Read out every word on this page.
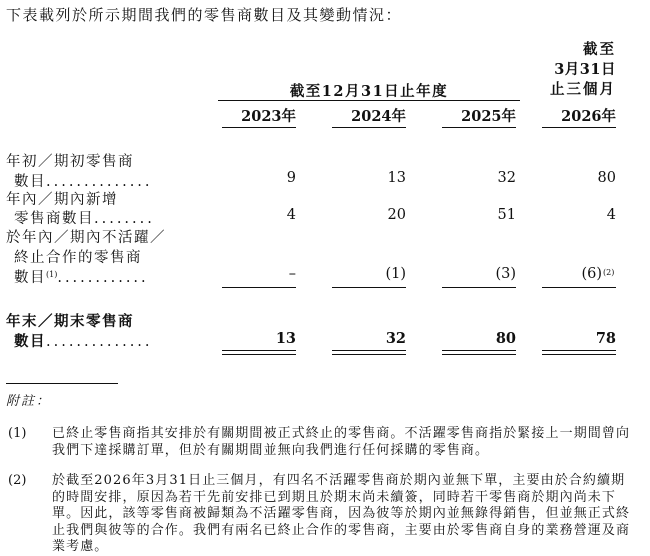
下表載列於所示期間我們的零售商數目及其變動情況：
截至
3月31日
止三個月
截至12月31日止年度
2023年	2024年	2025年	2026年
年初／期初零售商
數目..............	9	13	32	80
年內／期內新增
零售商數目........	4	20	51	4
於年內／期內不活躍／
終止合作的零售商
數目$^{(1)}$............	–	(1)	(3)	(6) (2)
年末／期末零售商
數目..............	13	32	80	78
附註：
(1) 已終止零售商指其安排於有關期間被正式終止的零售商。不活躍零售商指於緊接上一期間曾向我們下達採購訂單，但於有關期間並無向我們進行任何採購的零售商。
(2) 於截至2026年3月31日止三個月，有四名不活躍零售商於期內並無下單，主要由於合約續期的時間安排，原因為若干先前安排已到期且於期末尚未續簽，同時若干零售商於期內尚未下單。因此，該等零售商被歸類為不活躍零售商，因為彼等於期內並無錄得銷售，但並無正式終止我們與彼等的合作。我們有兩名已終止合作的零售商，主要由於零售商自身的業務營運及商業考慮。
